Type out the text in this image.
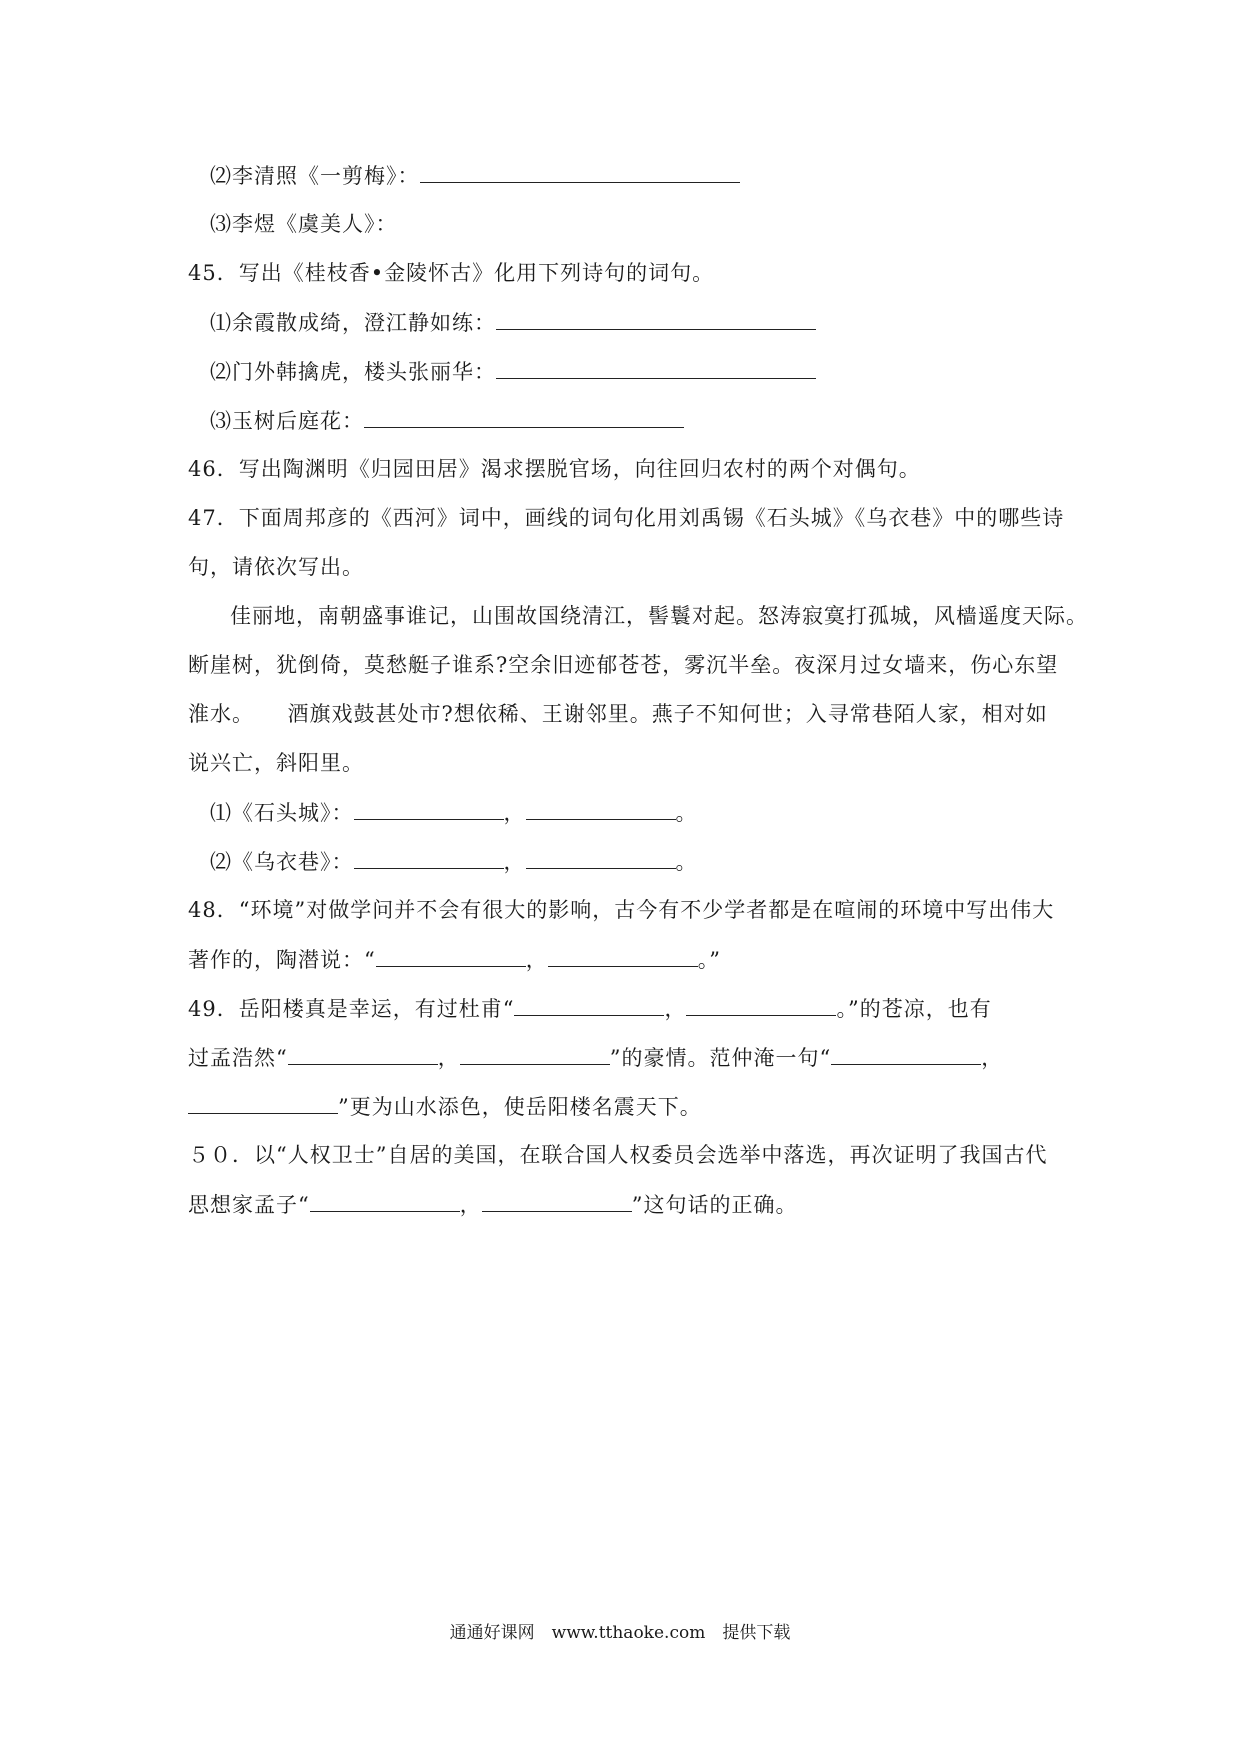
⑵李清照《一剪梅》：
⑶李煜《虞美人》：
45．写出《桂枝香•金陵怀古》化用下列诗句的词句。
⑴余霞散成绮，澄江静如练：
⑵门外韩擒虎，楼头张丽华：
⑶玉树后庭花：
46．写出陶渊明《归园田居》渴求摆脱官场，向往回归农村的两个对偶句。
47．下面周邦彦的《西河》词中，画线的词句化用刘禹锡《石头城》《乌衣巷》中的哪些诗
句，请依次写出。
佳丽地，南朝盛事谁记，山围故国绕清江，髻鬟对起。怒涛寂寞打孤城，风樯遥度天际。
断崖树，犹倒倚，莫愁艇子谁系?空余旧迹郁苍苍，雾沉半垒。夜深月过女墙来，伤心东望
淮水。　　酒旗戏鼓甚处市?想依稀、王谢邻里。燕子不知何世；入寻常巷陌人家，相对如
说兴亡，斜阳里。
⑴《石头城》：	，	。
⑵《乌衣巷》：	，	。
48．“环境”对做学问并不会有很大的影响，古今有不少学者都是在喧闹的环境中写出伟大
著作的，陶潜说：“	，	。”
49．岳阳楼真是幸运，有过杜甫“	，	。”的苍凉，也有
过孟浩然“	，	”的豪情。范仲淹一句“	，
”更为山水添色，使岳阳楼名震天下。
５０．以“人权卫士”自居的美国，在联合国人权委员会选举中落选，再次证明了我国古代
思想家孟子“	，	”这句话的正确。
通通好课网　www.tthaoke.com　提供下载
